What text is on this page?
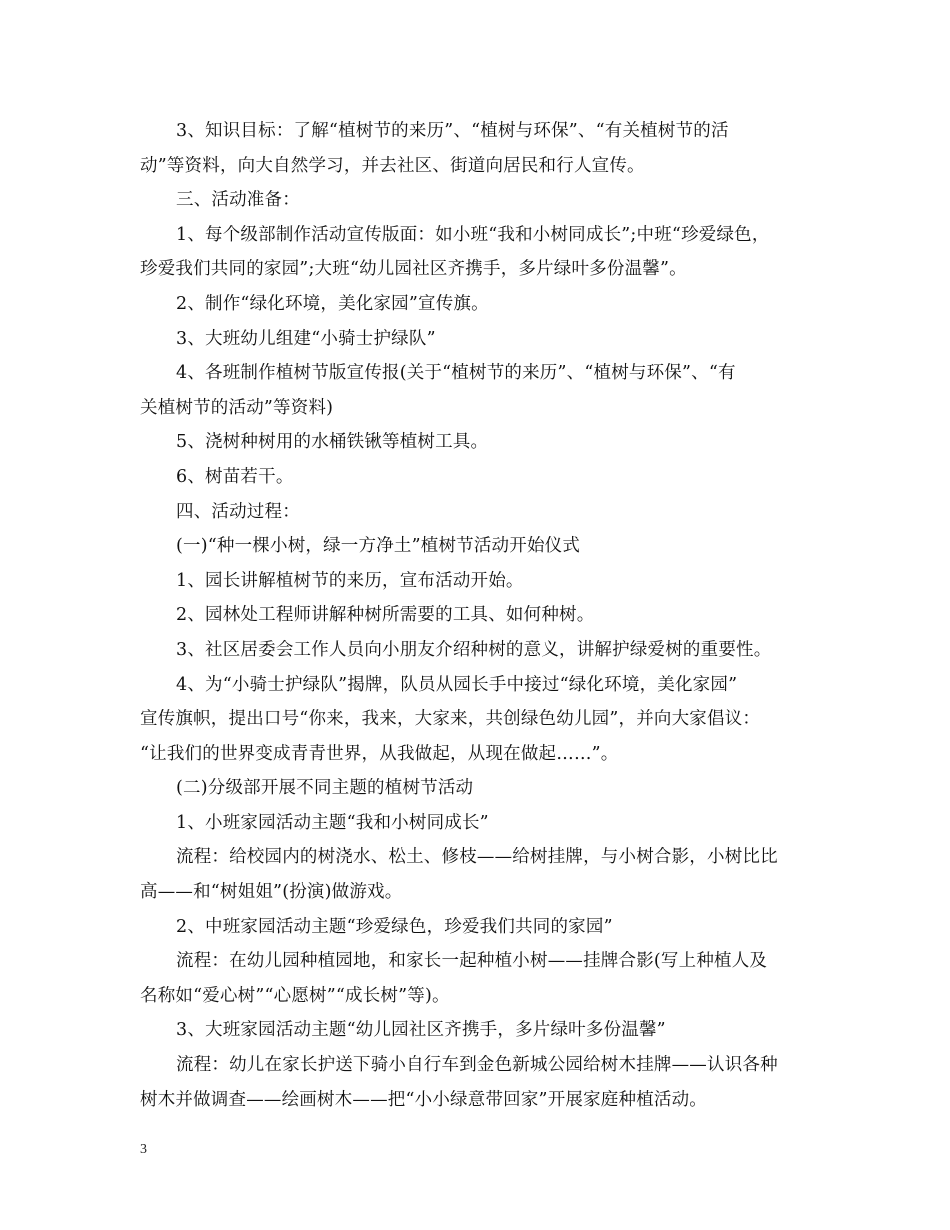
3、知识目标：了解“植树节的来历”、“植树与环保”、“有关植树节的活

动”等资料，向大自然学习，并去社区、街道向居民和行人宣传。

三、活动准备：

1、每个级部制作活动宣传版面：如小班“我和小树同成长”;中班“珍爱绿色，

珍爱我们共同的家园”;大班“幼儿园社区齐携手，多片绿叶多份温馨”。

2、制作“绿化环境，美化家园”宣传旗。

3、大班幼儿组建“小骑士护绿队”

4、各班制作植树节版宣传报(关于“植树节的来历”、“植树与环保”、“有

关植树节的活动”等资料)

5、浇树种树用的水桶铁锹等植树工具。

6、树苗若干。

四、活动过程：

(一)“种一棵小树，绿一方净土”植树节活动开始仪式

1、园长讲解植树节的来历，宣布活动开始。

2、园林处工程师讲解种树所需要的工具、如何种树。

3、社区居委会工作人员向小朋友介绍种树的意义，讲解护绿爱树的重要性。

4、为“小骑士护绿队”揭牌，队员从园长手中接过“绿化环境，美化家园”

宣传旗帜，提出口号“你来，我来，大家来，共创绿色幼儿园”，并向大家倡议：

“让我们的世界变成青青世界，从我做起，从现在做起……”。

(二)分级部开展不同主题的植树节活动

1、小班家园活动主题“我和小树同成长”

流程：给校园内的树浇水、松土、修枝——给树挂牌，与小树合影，小树比比

高——和“树姐姐”(扮演)做游戏。

2、中班家园活动主题“珍爱绿色，珍爱我们共同的家园”

流程：在幼儿园种植园地，和家长一起种植小树——挂牌合影(写上种植人及

名称如“爱心树”“心愿树”“成长树”等)。

3、大班家园活动主题“幼儿园社区齐携手，多片绿叶多份温馨”

流程：幼儿在家长护送下骑小自行车到金色新城公园给树木挂牌——认识各种

树木并做调查——绘画树木——把“小小绿意带回家”开展家庭种植活动。

3
